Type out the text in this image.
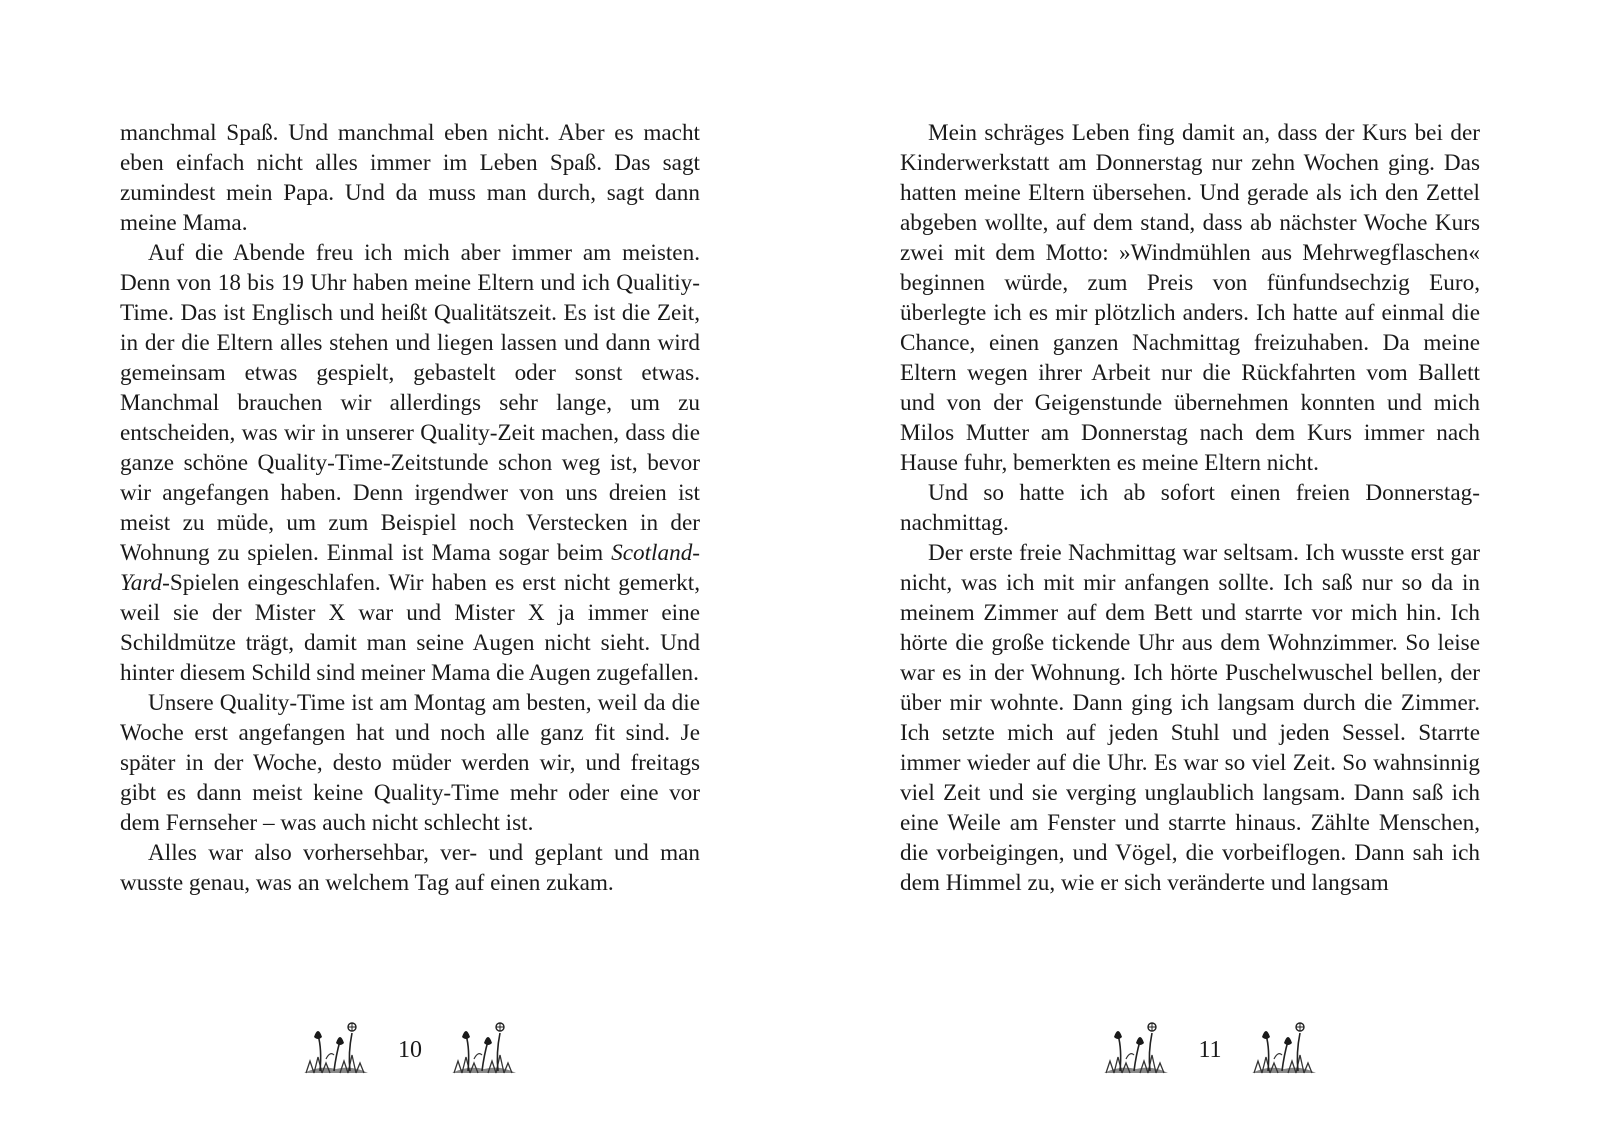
manchmal Spaß. Und manchmal eben nicht. Aber es macht eben einfach nicht alles immer im Leben Spaß. Das sagt zumindest mein Papa. Und da muss man durch, sagt dann meine Mama.

Auf die Abende freu ich mich aber immer am meisten. Denn von 18 bis 19 Uhr haben meine Eltern und ich Qualitiy-Time. Das ist Englisch und heißt Qualitätszeit. Es ist die Zeit, in der die Eltern alles stehen und liegen lassen und dann wird gemeinsam etwas gespielt, gebastelt oder sonst etwas. Manchmal brauchen wir allerdings sehr lange, um zu entscheiden, was wir in unserer Quality-Zeit machen, dass die ganze schöne Quality-Time-Zeitstunde schon weg ist, bevor wir angefangen haben. Denn irgendwer von uns dreien ist meist zu müde, um zum Beispiel noch Verstecken in der Wohnung zu spielen. Einmal ist Mama sogar beim Scotland-Yard-Spielen eingeschlafen. Wir haben es erst nicht gemerkt, weil sie der Mister X war und Mister X ja immer eine Schildmütze trägt, damit man seine Augen nicht sieht. Und hinter diesem Schild sind meiner Mama die Augen zugefallen.

Unsere Quality-Time ist am Montag am besten, weil da die Woche erst angefangen hat und noch alle ganz fit sind. Je später in der Woche, desto müder werden wir, und freitags gibt es dann meist keine Quality-Time mehr oder eine vor dem Fernseher – was auch nicht schlecht ist.

Alles war also vorhersehbar, ver- und geplant und man wusste genau, was an welchem Tag auf einen zukam.

Mein schräges Leben fing damit an, dass der Kurs bei der Kinderwerkstatt am Donnerstag nur zehn Wochen ging. Das hatten meine Eltern übersehen. Und gerade als ich den Zettel abgeben wollte, auf dem stand, dass ab nächster Woche Kurs zwei mit dem Motto: »Windmühlen aus Mehrwegflaschen« beginnen würde, zum Preis von fünfundsechzig Euro, überlegte ich es mir plötzlich anders. Ich hatte auf einmal die Chance, einen ganzen Nachmittag freizuhaben. Da meine Eltern wegen ihrer Arbeit nur die Rückfahrten vom Ballett und von der Geigenstunde übernehmen konnten und mich Milos Mutter am Donnerstag nach dem Kurs immer nach Hause fuhr, bemerkten es meine Eltern nicht.

Und so hatte ich ab sofort einen freien Donnerstagnachmittag.

Der erste freie Nachmittag war seltsam. Ich wusste erst gar nicht, was ich mit mir anfangen sollte. Ich saß nur so da in meinem Zimmer auf dem Bett und starrte vor mich hin. Ich hörte die große tickende Uhr aus dem Wohnzimmer. So leise war es in der Wohnung. Ich hörte Puschelwuschel bellen, der über mir wohnte. Dann ging ich langsam durch die Zimmer. Ich setzte mich auf jeden Stuhl und jeden Sessel. Starrte immer wieder auf die Uhr. Es war so viel Zeit. So wahnsinnig viel Zeit und sie verging unglaublich langsam. Dann saß ich eine Weile am Fenster und starrte hinaus. Zählte Menschen, die vorbeigingen, und Vögel, die vorbeiflogen. Dann sah ich dem Himmel zu, wie er sich veränderte und langsam

10	11
